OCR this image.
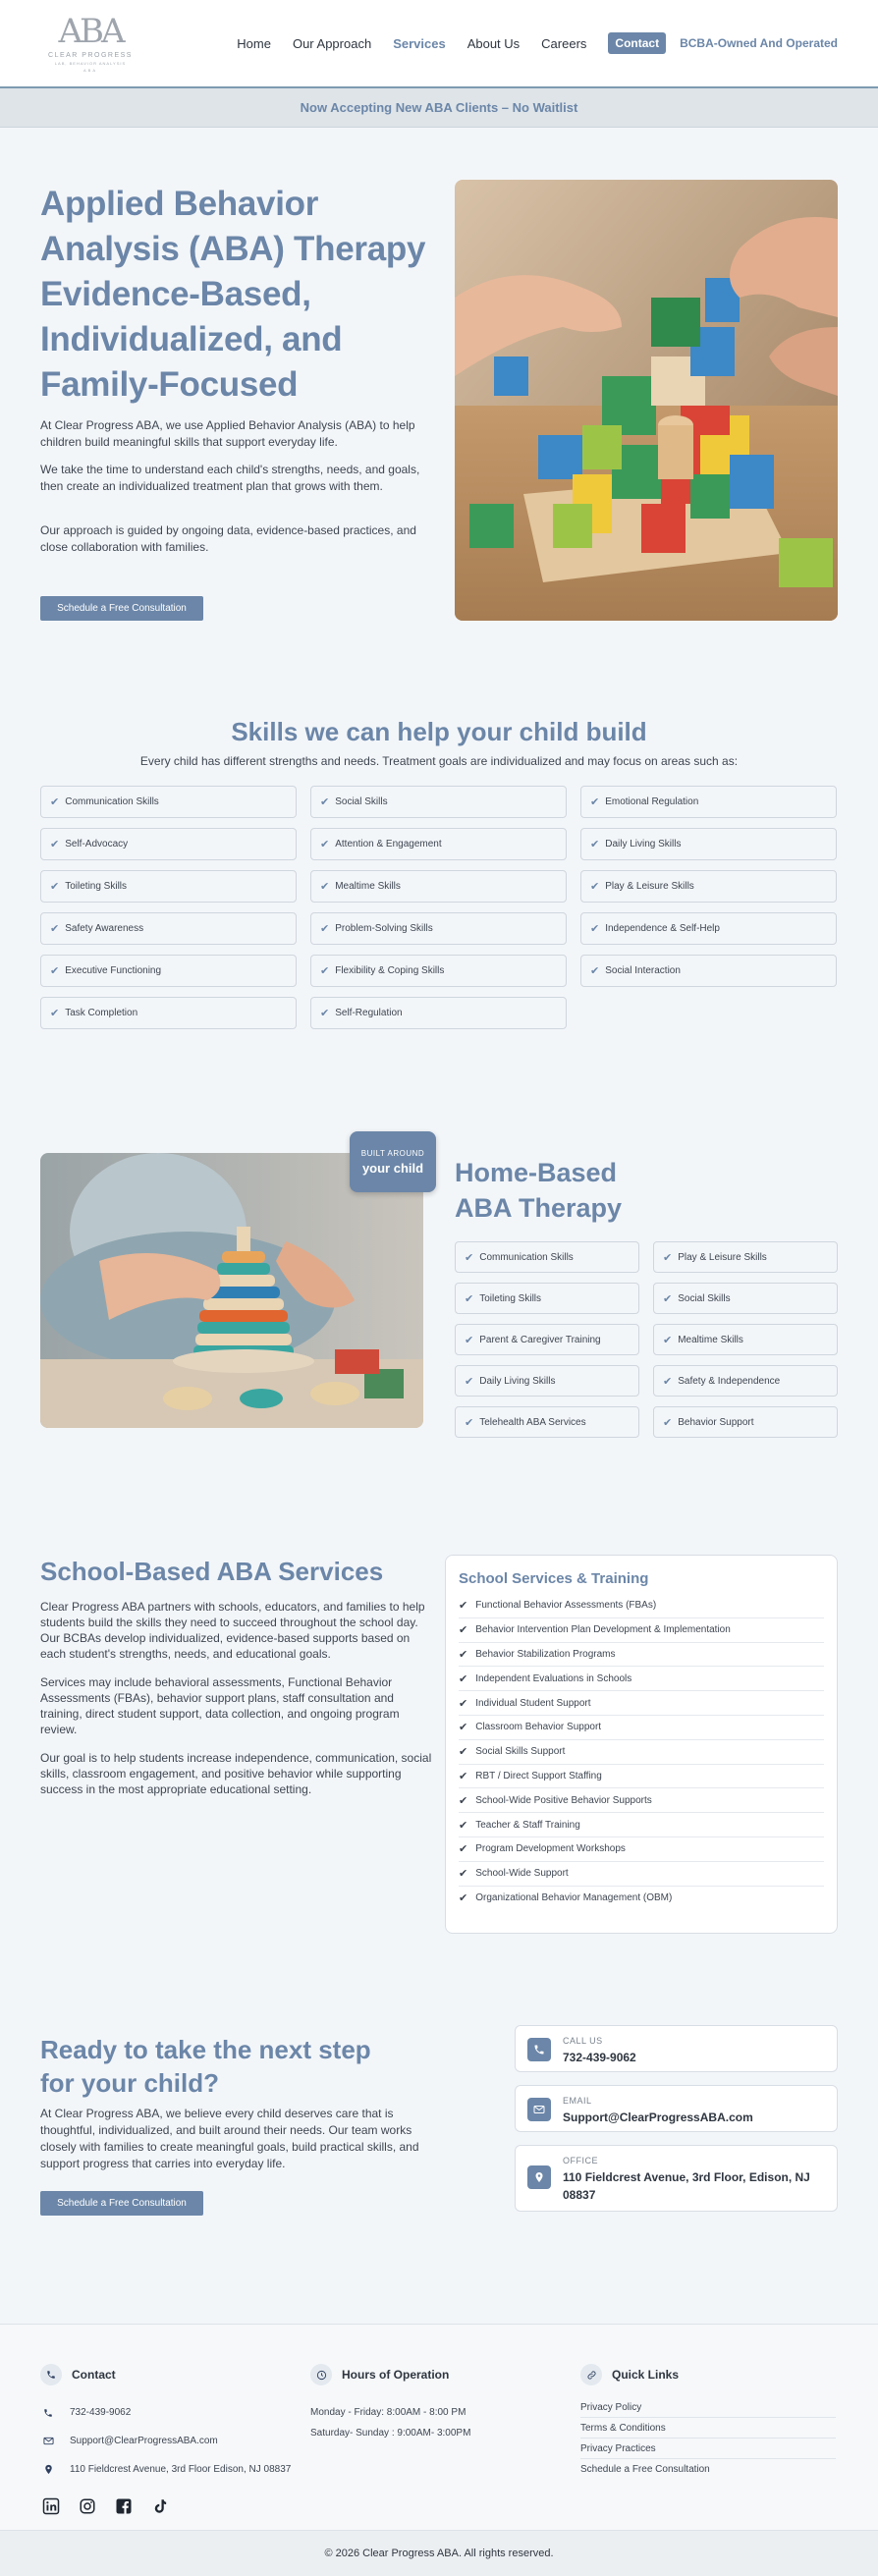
ABA
CLEAR PROGRESS
LAB, BEHAVIOR ANALYSIS
ABA
Home Our Approach Services About Us Careers	Contact	BCBA-Owned And Operated
Now Accepting New ABA Clients – No Waitlist
Applied Behavior Analysis (ABA) Therapy Evidence-Based, Individualized, and Family-Focused

At Clear Progress ABA, we use Applied Behavior Analysis (ABA) to help children build meaningful skills that support everyday life.

We take the time to understand each child's strengths, needs, and goals, then create an individualized treatment plan that grows with them.

Our approach is guided by ongoing data, evidence-based practices, and close collaboration with families.

Schedule a Free Consultation
Skills we can help your child build

Every child has different strengths and needs. Treatment goals are individualized and may focus on areas such as:

✔ Communication Skills	✔ Social Skills	✔ Emotional Regulation
✔ Self-Advocacy	✔ Attention & Engagement	✔ Daily Living Skills
✔ Toileting Skills	✔ Mealtime Skills	✔ Play & Leisure Skills
✔ Safety Awareness	✔ Problem-Solving Skills	✔ Independence & Self-Help
✔ Executive Functioning	✔ Flexibility & Coping Skills	✔ Social Interaction
✔ Task Completion	✔ Self-Regulation
BUILT AROUND
your child Home-Based
ABA Therapy
✔ Communication Skills	✔ Play & Leisure Skills
✔ Toileting Skills	✔ Social Skills
✔ Parent & Caregiver Training	✔ Mealtime Skills
✔ Daily Living Skills	✔ Safety & Independence
✔ Telehealth ABA Services	✔ Behavior Support
School-Based ABA Services

Clear Progress ABA partners with schools, educators, and families to help students build the skills they need to succeed throughout the school day. Our BCBAs develop individualized, evidence-based supports based on each student's strengths, needs, and educational goals.

Services may include behavioral assessments, Functional Behavior Assessments (FBAs), behavior support plans, staff consultation and training, direct student support, data collection, and ongoing program review.

Our goal is to help students increase independence, communication, social skills, classroom engagement, and positive behavior while supporting success in the most appropriate educational setting.

School Services & Training
✔ Functional Behavior Assessments (FBAs)
✔ Behavior Intervention Plan Development & Implementation
✔ Behavior Stabilization Programs
✔ Independent Evaluations in Schools
✔ Individual Student Support
✔ Classroom Behavior Support
✔ Social Skills Support
✔ RBT / Direct Support Staffing
✔ School-Wide Positive Behavior Supports
✔ Teacher & Staff Training
✔ Program Development Workshops
✔ School-Wide Support
✔ Organizational Behavior Management (OBM)
Ready to take the next step for your child?

At Clear Progress ABA, we believe every child deserves care that is thoughtful, individualized, and built around their needs. Our team works closely with families to create meaningful goals, build practical skills, and support progress that carries into everyday life.

Schedule a Free Consultation
CALL US
732-439-9062
EMAIL
Support@ClearProgressABA.com
OFFICE
110 Fieldcrest Avenue, 3rd Floor, Edison, NJ 08837
Contact
732-439-9062
Support@ClearProgressABA.com
110 Fieldcrest Avenue, 3rd Floor Edison, NJ 08837
Hours of Operation
Monday - Friday: 8:00AM - 8:00 PM
Saturday- Sunday : 9:00AM- 3:00PM
Quick Links
Privacy Policy
Terms & Conditions
Privacy Practices
Schedule a Free Consultation
© 2026 Clear Progress ABA. All rights reserved.
